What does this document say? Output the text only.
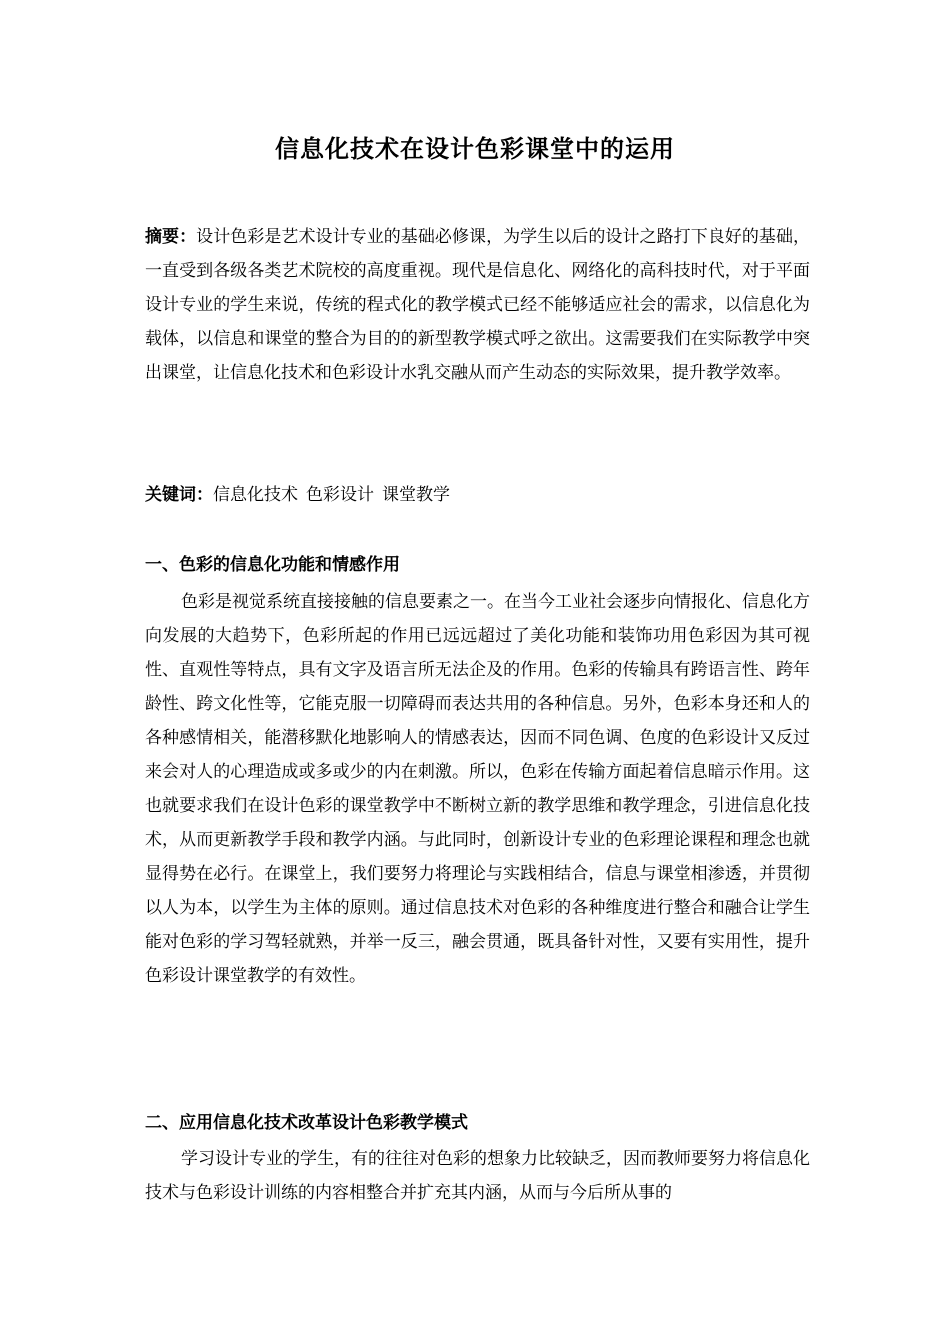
信息化技术在设计色彩课堂中的运用
摘要：设计色彩是艺术设计专业的基础必修课，为学生以后的设计之路打下良好的基础，一直受到各级各类艺术院校的高度重视。现代是信息化、网络化的高科技时代，对于平面设计专业的学生来说，传统的程式化的教学模式已经不能够适应社会的需求，以信息化为载体，以信息和课堂的整合为目的的新型教学模式呼之欲出。这需要我们在实际教学中突出课堂，让信息化技术和色彩设计水乳交融从而产生动态的实际效果，提升教学效率。
关键词：信息化技术 色彩设计 课堂教学
一、色彩的信息化功能和情感作用
色彩是视觉系统直接接触的信息要素之一。在当今工业社会逐步向情报化、信息化方向发展的大趋势下，色彩所起的作用已远远超过了美化功能和装饰功用色彩因为其可视性、直观性等特点，具有文字及语言所无法企及的作用。色彩的传输具有跨语言性、跨年龄性、跨文化性等，它能克服一切障碍而表达共用的各种信息。另外，色彩本身还和人的各种感情相关，能潜移默化地影响人的情感表达，因而不同色调、色度的色彩设计又反过来会对人的心理造成或多或少的内在刺激。所以，色彩在传输方面起着信息暗示作用。这也就要求我们在设计色彩的课堂教学中不断树立新的教学思维和教学理念，引进信息化技术，从而更新教学手段和教学内涵。与此同时，创新设计专业的色彩理论课程和理念也就显得势在必行。在课堂上，我们要努力将理论与实践相结合，信息与课堂相渗透，并贯彻以人为本，以学生为主体的原则。通过信息技术对色彩的各种维度进行整合和融合让学生能对色彩的学习驾轻就熟，并举一反三，融会贯通，既具备针对性，又要有实用性，提升色彩设计课堂教学的有效性。
二、应用信息化技术改革设计色彩教学模式
学习设计专业的学生，有的往往对色彩的想象力比较缺乏，因而教师要努力将信息化技术与色彩设计训练的内容相整合并扩充其内涵，从而与今后所从事的
